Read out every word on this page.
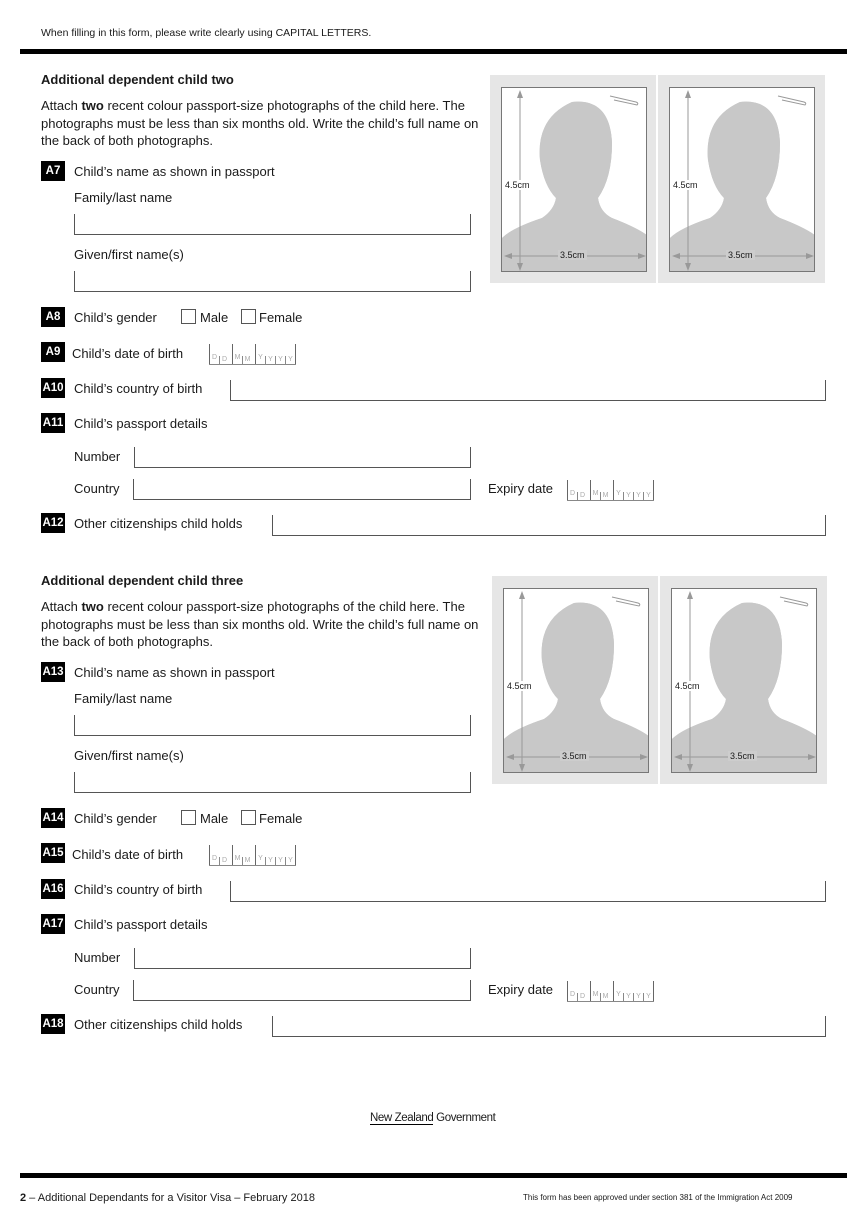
When filling in this form, please write clearly using CAPITAL LETTERS.
Additional dependent child two
Attach two recent colour passport-size photographs of the child here. The photographs must be less than six months old. Write the child’s full name on the back of both photographs.
A7	Child’s name as shown in passport
Family/last name
Given/first name(s)
A8	Child’s gender	Male Female
A9 Child’s date of birth	D D	M M	Y Y Y Y
A10 Child’s country of birth
A11 Child’s passport details
Number
Country	Expiry date	D D	M M	Y Y Y Y
A12 Other citizenships child holds
4.5cm
3.5cm
4.5cm
3.5cm
Additional dependent child three
Attach two recent colour passport-size photographs of the child here. The photographs must be less than six months old. Write the child’s full name on the back of both photographs.
A13 Child’s name as shown in passport
Family/last name
Given/first name(s)
A14 Child’s gender	Male Female
A15 Child’s date of birth	D D	M M	Y Y Y Y
A16 Child’s country of birth
A17 Child’s passport details
Number
Country	Expiry date	D D	M M	Y Y Y Y
A18 Other citizenships child holds
4.5cm
3.5cm
4.5cm
3.5cm
New Zealand Government
2 – Additional Dependants for a Visitor Visa – February 2018	This form has been approved under section 381 of the Immigration Act 2009
